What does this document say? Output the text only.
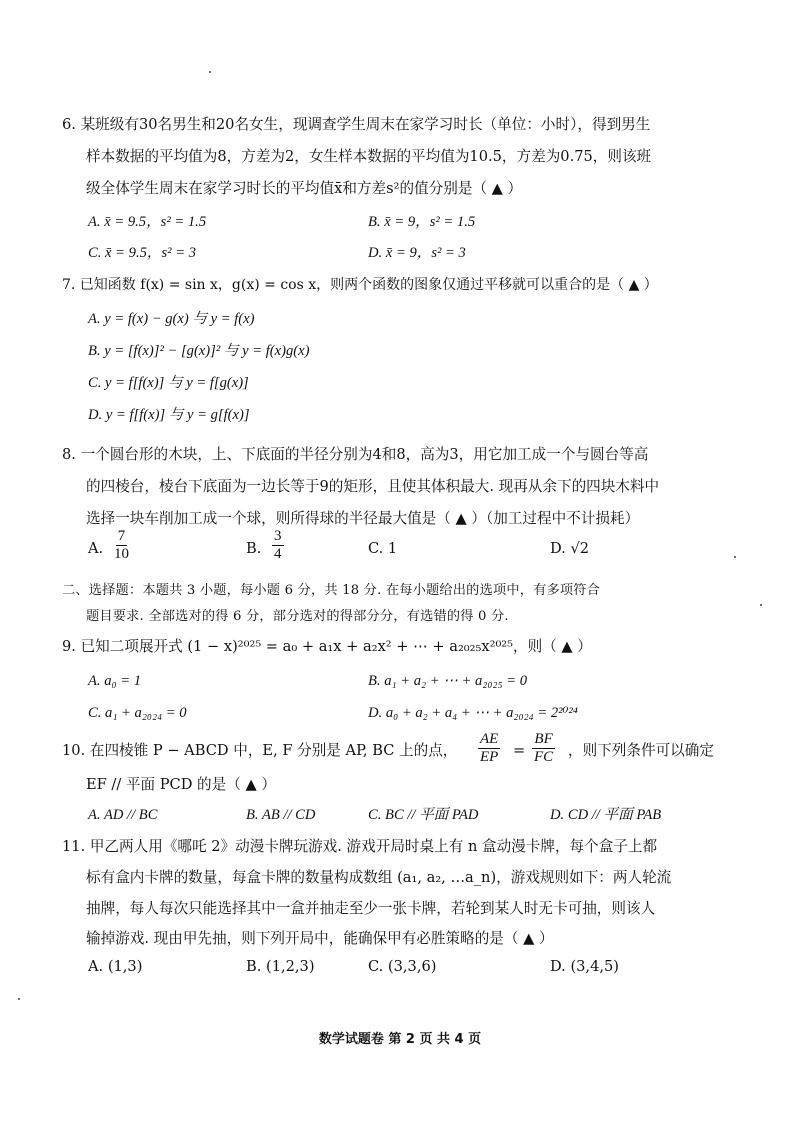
6. 某班级有30名男生和20名女生，现调查学生周末在家学习时长（单位：小时），得到男生
样本数据的平均值为8，方差为2，女生样本数据的平均值为10.5，方差为0.75，则该班
级全体学生周末在家学习时长的平均值x̄和方差s²的值分别是（ ▲ ）
A. x̄ = 9.5，s² = 1.5	B. x̄ = 9，s² = 1.5
C. x̄ = 9.5，s² = 3	D. x̄ = 9，s² = 3
7. 已知函数 f(x) = sin x，g(x) = cos x，则两个函数的图象仅通过平移就可以重合的是（ ▲ ）
A. y = f(x) − g(x) 与 y = f(x)
B. y = [f(x)]² − [g(x)]² 与 y = f(x)g(x)
C. y = f[f(x)] 与 y = f[g(x)]
D. y = f[f(x)] 与 y = g[f(x)]
8. 一个圆台形的木块，上、下底面的半径分别为4和8，高为3，用它加工成一个与圆台等高
的四棱台，棱台下底面为一边长等于9的矩形，且使其体积最大. 现再从余下的四块木料中
选择一块车削加工成一个球，则所得球的半径最大值是（ ▲ ）（加工过程中不计损耗）
A. $\frac{7}{10}$	B. $\frac{3}{4}$	C. 1	D. √2
二、选择题：本题共 3 小题，每小题 6 分，共 18 分. 在每小题给出的选项中，有多项符合
题目要求. 全部选对的得 6 分，部分选对的得部分分，有选错的得 0 分.
9. 已知二项展开式 (1 − x)²⁰²⁵ = a₀ + a₁x + a₂x² + ⋯ + a₂₀₂₅x²⁰²⁵，则（ ▲ ）
A. a₀ = 1	B. a₁ + a₂ + ⋯ + a₂₀₂₅ = 0
C. a₁ + a₂₀₂₄ = 0	D. a₀ + a₂ + a₄ + ⋯ + a₂₀₂₄ = 2²⁰²⁴
10. 在四棱锥 P − ABCD 中，E, F 分别是 AP, BC 上的点， $\frac{AE}{EP} = \frac{BF}{FC}$ ，则下列条件可以确定
EF // 平面 PCD 的是（ ▲ ）
A. AD // BC	B. AB // CD	C. BC // 平面 PAD	D. CD // 平面 PAB
11. 甲乙两人用《哪吒 2》动漫卡牌玩游戏. 游戏开局时桌上有 n 盒动漫卡牌，每个盒子上都
标有盒内卡牌的数量，每盒卡牌的数量构成数组 (a₁, a₂, …a_n)，游戏规则如下：两人轮流
抽牌，每人每次只能选择其中一盒并抽走至少一张卡牌，若轮到某人时无卡可抽，则该人
输掉游戏. 现由甲先抽，则下列开局中，能确保甲有必胜策略的是（ ▲ ）
A. (1,3)	B. (1,2,3)	C. (3,3,6)	D. (3,4,5)
数学试题卷 第 2 页 共 4 页
